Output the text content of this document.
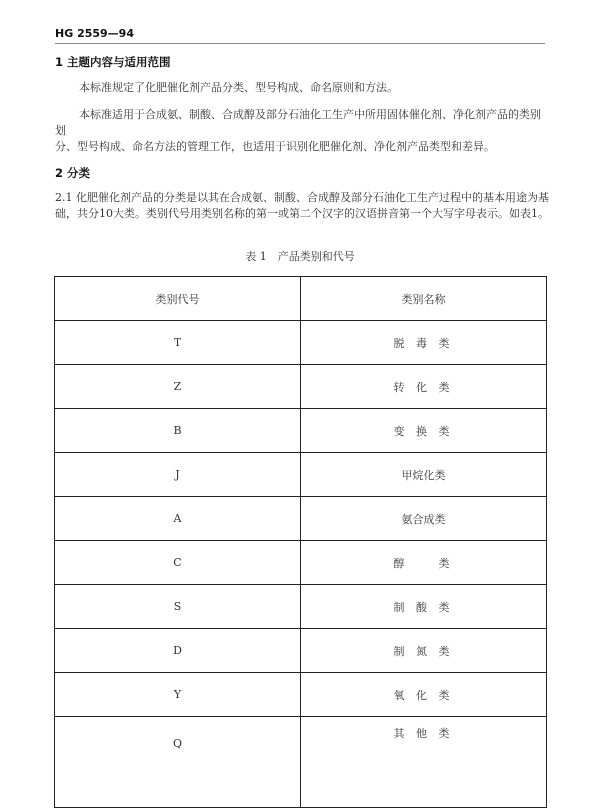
HG 2559—94
1 主题内容与适用范围
本标准规定了化肥催化剂产品分类、型号构成、命名原则和方法。
本标准适用于合成氨、制酸、合成醇及部分石油化工生产中所用固体催化剂、净化剂产品的类别划
分、型号构成、命名方法的管理工作，也适用于识别化肥催化剂、净化剂产品类型和差异。
2 分类
2.1 化肥催化剂产品的分类是以其在合成氨、制酸、合成醇及部分石油化工生产过程中的基本用途为基础，共分10大类。类别代号用类别名称的第一或第二个汉字的汉语拼音第一个大写字母表示。如表1。
表 1　产品类别和代号
类别代号	类别名称
T	脱 毒 类
Z	转 化 类
B	变 换 类
J	甲烷化类
A	氨合成类
C	醇　　类
S	制 酸 类
D	制 氮 类
Y	氧 化 类
Q	其 他 类
